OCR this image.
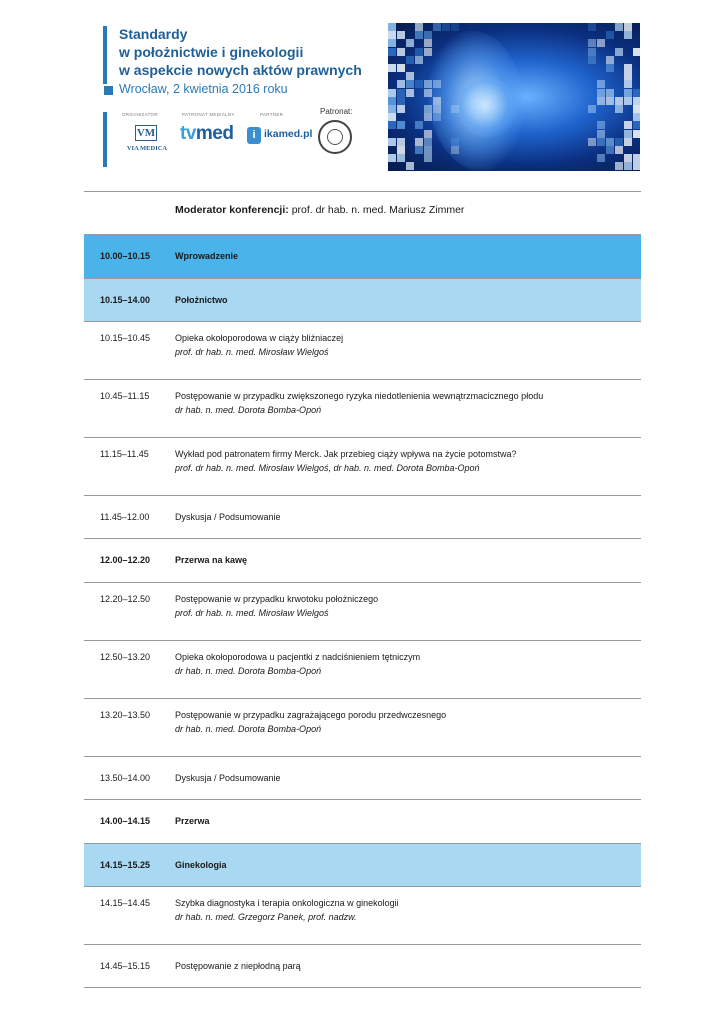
Standardy
w położnictwie i ginekologii
w aspekcie nowych aktów prawnych
Wrocław, 2 kwietnia 2016 roku
ORGANIZATOR	PATRONAT MEDIALNY	PARTNER	Patronat:
VM
VIA MEDICA
tvmed	i ikamed.pl
Moderator konferencji: prof. dr hab. n. med. Mariusz Zimmer
10.00–10.15	Wprowadzenie
10.15–14.00	Położnictwo
10.15–10.45	Opieka okołoporodowa w ciąży bliźniaczej
prof. dr hab. n. med. Mirosław Wielgoś
10.45–11.15	Postępowanie w przypadku zwiększonego ryzyka niedotlenienia wewnątrzmacicznego płodu
dr hab. n. med. Dorota Bomba-Opoń
11.15–11.45	Wykład pod patronatem firmy Merck. Jak przebieg ciąży wpływa na życie potomstwa?
prof. dr hab. n. med. Mirosław Wielgoś, dr hab. n. med. Dorota Bomba-Opoń
11.45–12.00	Dyskusja / Podsumowanie
12.00–12.20	Przerwa na kawę
12.20–12.50	Postępowanie w przypadku krwotoku położniczego
prof. dr hab. n. med. Mirosław Wielgoś
12.50–13.20	Opieka okołoporodowa u pacjentki z nadciśnieniem tętniczym
dr hab. n. med. Dorota Bomba-Opoń
13.20–13.50	Postępowanie w przypadku zagrażającego porodu przedwczesnego
dr hab. n. med. Dorota Bomba-Opoń
13.50–14.00	Dyskusja / Podsumowanie
14.00–14.15	Przerwa
14.15–15.25	Ginekologia
14.15–14.45	Szybka diagnostyka i terapia onkologiczna w ginekologii
dr hab. n. med. Grzegorz Panek, prof. nadzw.
14.45–15.15	Postępowanie z niepłodną parą
